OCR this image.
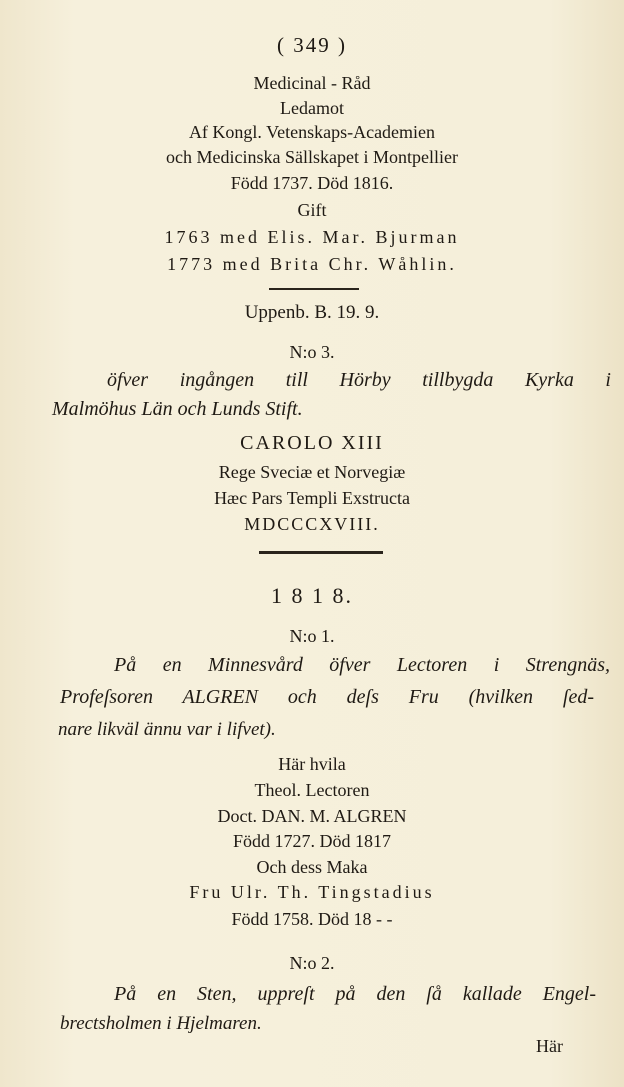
( 349 )
Medicinal - Råd
Ledamot
Af Kongl. Vetenskaps-Academien
och Medicinska Sällskapet i Montpellier
Född 1737. Död 1816.
Gift
1763 med Elis. Mar. Bjurman
1773 med Brita Chr. Wåhlin.
Uppenb. B. 19. 9.
N:o 3.
öfver ingången till Hörby tillbygda Kyrka i
Malmöhus Län och Lunds Stift.
CAROLO XIII
Rege Sveciæ et Norvegiæ
Hæc Pars Templi Exstructa
MDCCCXVIII.
1 8 1 8.
N:o 1.
På en Minnesvård öfver Lectoren i Strengnäs,
Profeſsoren ALGREN och deſs Fru (hvilken ſed-
nare likväl ännu var i lifvet).
Här hvila
Theol. Lectoren
Doct. DAN. M. ALGREN
Född 1727. Död 1817
Och dess Maka
Fru Ulr. Th. Tingstadius
Född 1758. Död 18 - -
N:o 2.
På en Sten, uppreſt på den ſå kallade Engel-
brectsholmen i Hjelmaren.
Här
